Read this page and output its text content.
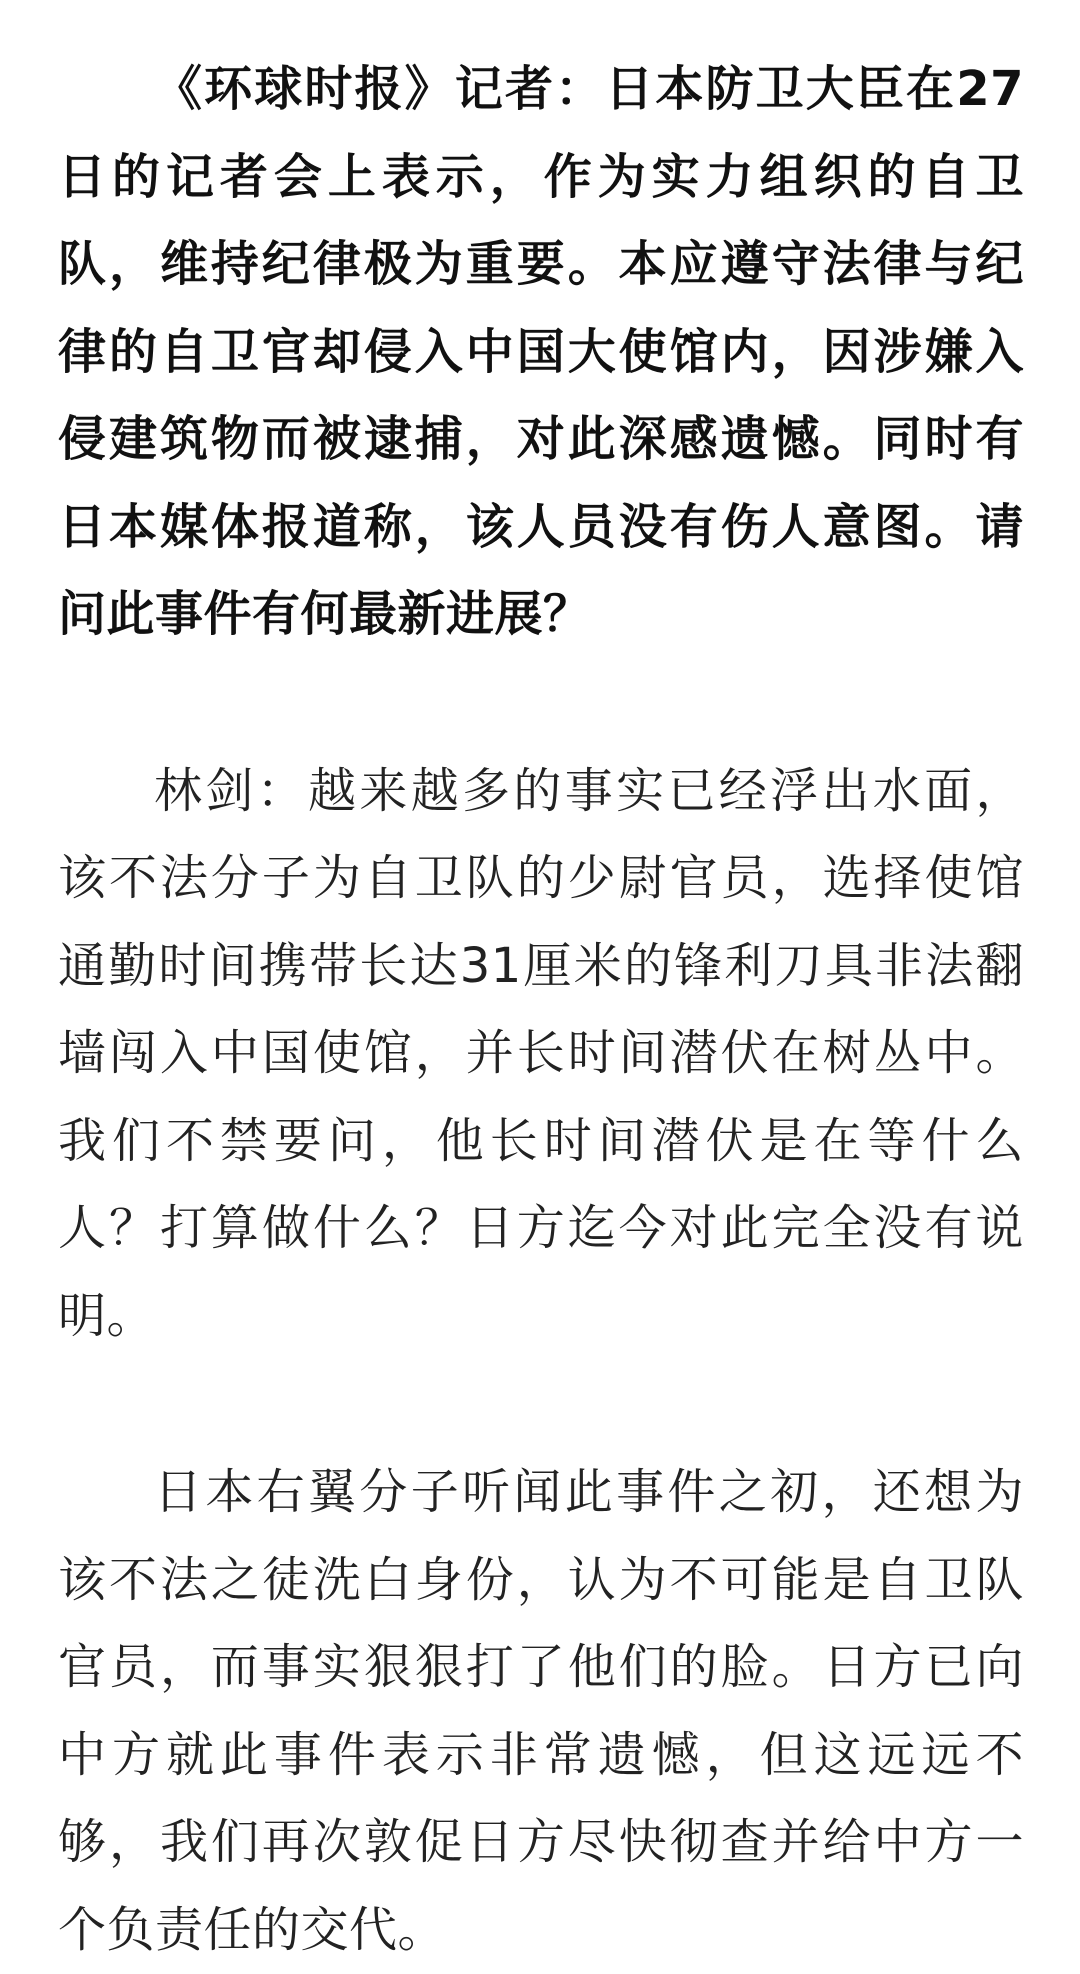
《环球时报》记者：日本防卫大臣在27日的记者会上表示，作为实力组织的自卫队，维持纪律极为重要。本应遵守法律与纪律的自卫官却侵入中国大使馆内，因涉嫌入侵建筑物而被逮捕，对此深感遗憾。同时有日本媒体报道称，该人员没有伤人意图。请问此事件有何最新进展？

林剑：越来越多的事实已经浮出水面，该不法分子为自卫队的少尉官员，选择使馆通勤时间携带长达31厘米的锋利刀具非法翻墙闯入中国使馆，并长时间潜伏在树丛中。我们不禁要问，他长时间潜伏是在等什么人？打算做什么？日方迄今对此完全没有说明。

日本右翼分子听闻此事件之初，还想为该不法之徒洗白身份，认为不可能是自卫队官员，而事实狠狠打了他们的脸。日方已向中方就此事件表示非常遗憾，但这远远不够，我们再次敦促日方尽快彻查并给中方一个负责任的交代。
